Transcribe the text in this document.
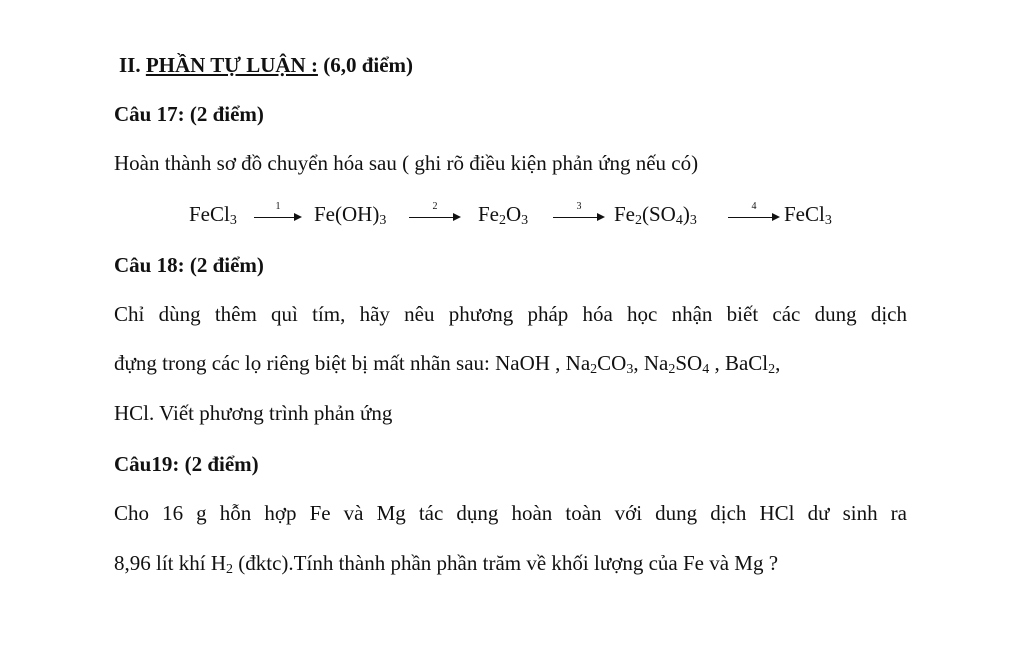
II. PHẦN TỰ LUẬN : (6,0 điểm)
Câu 17: (2 điểm)
Hoàn thành sơ đồ chuyển hóa sau ( ghi rõ điều kiện phản ứng nếu có)
FeCl$_3$
1	$Fe(OH)_3$
2	$Fe_2O_3$
3	$Fe_2(SO_4)_3$
4	FeCl$_3$
Câu 18: (2 điểm)
Chỉ dùng thêm quì tím, hãy nêu phương pháp hóa học nhận biết các dung dịch
đựng trong các lọ riêng biệt bị mất nhãn sau: NaOH , $Na_2CO_3$, $Na_2SO_4$ , BaCl$_2$,
HCl. Viết phương trình phản ứng
Câu19: (2 điểm)
Cho 16 g hỗn hợp Fe và Mg tác dụng hoàn toàn với dung dịch HCl dư sinh ra
8,96 lít khí $H_2$ (đktc).Tính thành phần phần trăm về khối lượng của Fe và Mg ?
